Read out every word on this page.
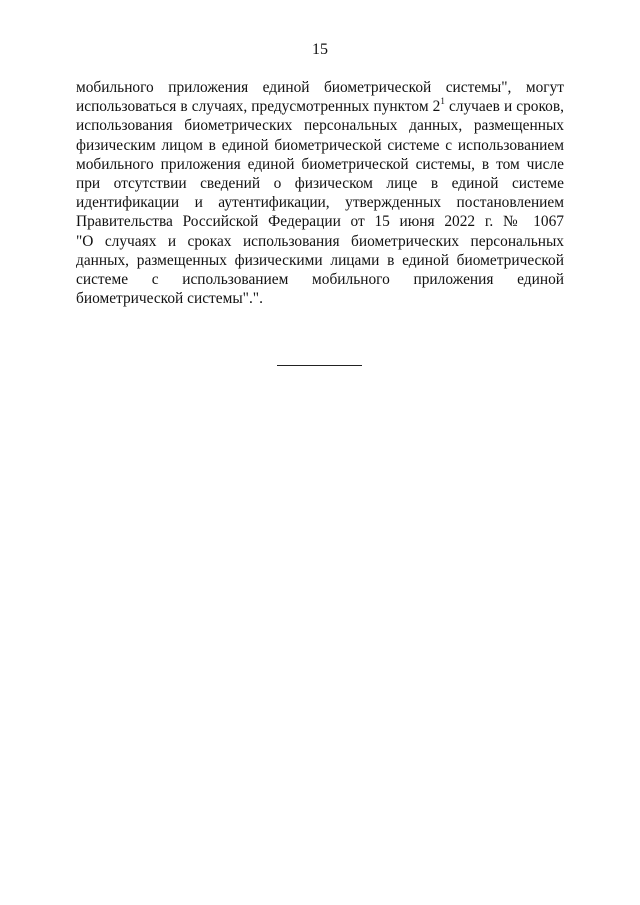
15
мобильного приложения единой биометрической системы", могут
использоваться в случаях, предусмотренных пунктом $2^1$ случаев и сроков,
использования биометрических персональных данных, размещенных
физическим лицом в единой биометрической системе с использованием
мобильного приложения единой биометрической системы, в том числе
при отсутствии сведений о физическом лице в единой системе
идентификации и аутентификации, утвержденных постановлением
Правительства Российской Федерации от 15 июня 2022 г. № 1067
"О случаях и сроках использования биометрических персональных
данных, размещенных физическими лицами в единой биометрической
системе с использованием мобильного приложения единой
биометрической системы".".
